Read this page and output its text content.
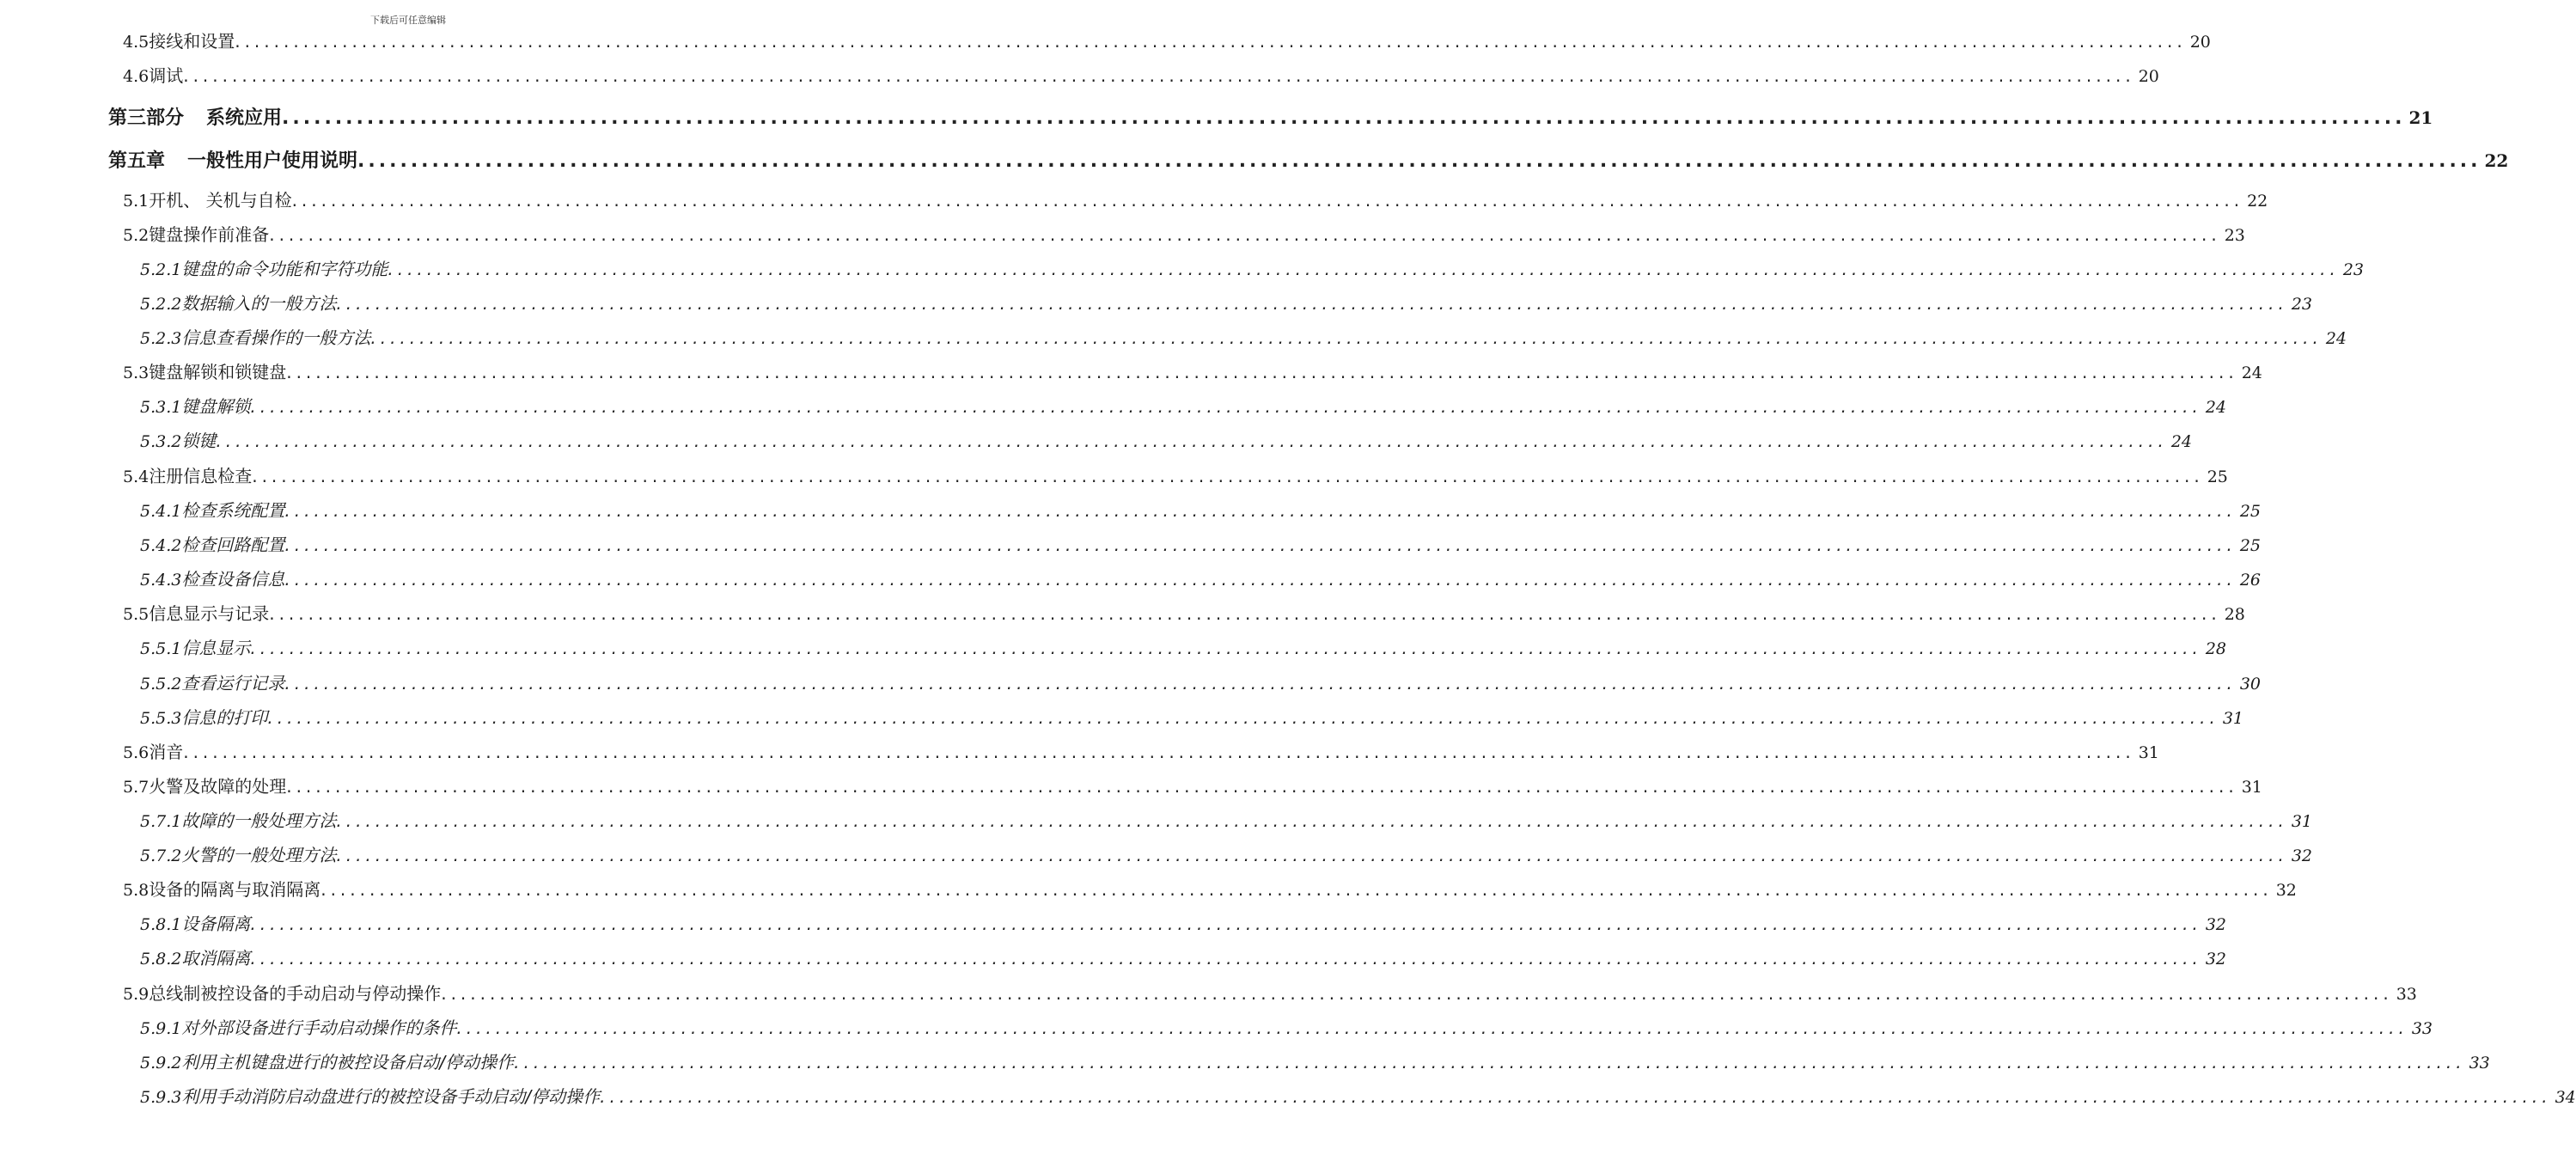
下载后可任意编辑
4.5 接线和设置 ........................................................................................................................................................................................................ 20
4.6 调试 ........................................................................................................................................................................................................ 20
第三部分 系统应用 ........................................................................................................................................................................................................ 21
第五章 一般性用户使用说明 ........................................................................................................................................................................................................ 22
5.1 开机、 关机与自检 ........................................................................................................................................................................................................ 22
5.2 键盘操作前准备 ........................................................................................................................................................................................................ 23
5.2.1 键盘的命令功能和字符功能 ........................................................................................................................................................................................................ 23
5.2.2 数据输入的一般方法 ........................................................................................................................................................................................................ 23
5.2.3 信息查看操作的一般方法 ........................................................................................................................................................................................................ 24
5.3 键盘解锁和锁键盘 ........................................................................................................................................................................................................ 24
5.3.1 键盘解锁 ........................................................................................................................................................................................................ 24
5.3.2 锁键 ........................................................................................................................................................................................................ 24
5.4 注册信息检查 ........................................................................................................................................................................................................ 25
5.4.1 检查系统配置 ........................................................................................................................................................................................................ 25
5.4.2 检查回路配置 ........................................................................................................................................................................................................ 25
5.4.3 检查设备信息 ........................................................................................................................................................................................................ 26
5.5 信息显示与记录 ........................................................................................................................................................................................................ 28
5.5.1 信息显示 ........................................................................................................................................................................................................ 28
5.5.2 查看运行记录 ........................................................................................................................................................................................................ 30
5.5.3 信息的打印 ........................................................................................................................................................................................................ 31
5.6 消音 ........................................................................................................................................................................................................ 31
5.7 火警及故障的处理 ........................................................................................................................................................................................................ 31
5.7.1 故障的一般处理方法 ........................................................................................................................................................................................................ 31
5.7.2 火警的一般处理方法 ........................................................................................................................................................................................................ 32
5.8 设备的隔离与取消隔离 ........................................................................................................................................................................................................ 32
5.8.1 设备隔离 ........................................................................................................................................................................................................ 32
5.8.2 取消隔离 ........................................................................................................................................................................................................ 32
5.9 总线制被控设备的手动启动与停动操作 ........................................................................................................................................................................................................ 33
5.9.1 对外部设备进行手动启动操作的条件 ........................................................................................................................................................................................................ 33
5.9.2 利用主机键盘进行的被控设备启动/停动操作 ........................................................................................................................................................................................................ 33
5.9.3 利用手动消防启动盘进行的被控设备手动启动/停动操作 ........................................................................................................................................................................................................ 34
